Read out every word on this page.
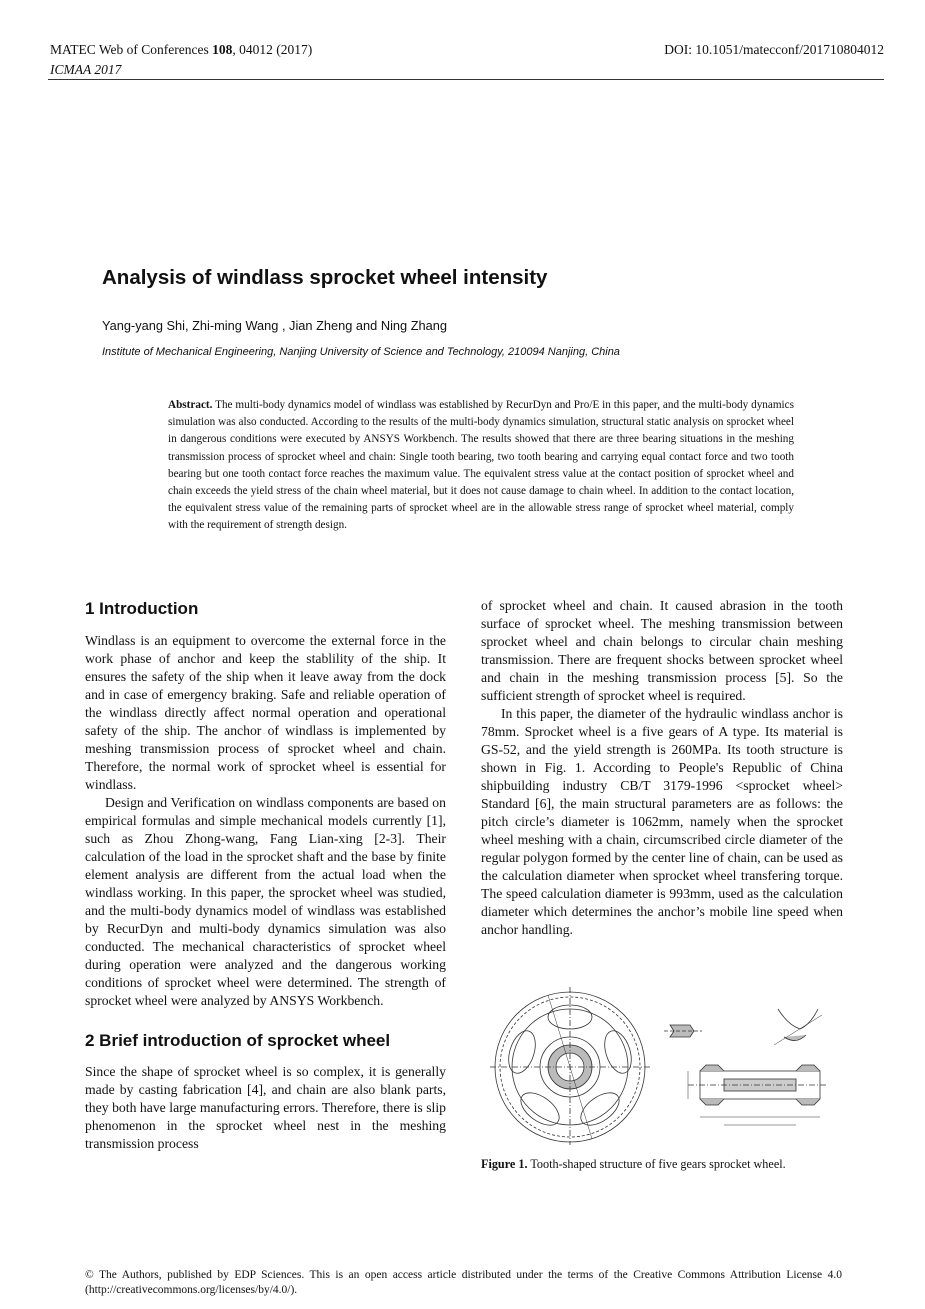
MATEC Web of Conferences 108, 04012 (2017)
ICMAA 2017
DOI: 10.1051/matecconf/201710804012
Analysis of windlass sprocket wheel intensity
Yang-yang Shi, Zhi-ming Wang , Jian Zheng and Ning Zhang
Institute of Mechanical Engineering, Nanjing University of Science and Technology, 210094 Nanjing, China
Abstract. The multi-body dynamics model of windlass was established by RecurDyn and Pro/E in this paper, and the multi-body dynamics simulation was also conducted. According to the results of the multi-body dynamics simulation, structural static analysis on sprocket wheel in dangerous conditions were executed by ANSYS Workbench. The results showed that there are three bearing situations in the meshing transmission process of sprocket wheel and chain: Single tooth bearing, two tooth bearing and carrying equal contact force and two tooth bearing but one tooth contact force reaches the maximum value. The equivalent stress value at the contact position of sprocket wheel and chain exceeds the yield stress of the chain wheel material, but it does not cause damage to chain wheel. In addition to the contact location, the equivalent stress value of the remaining parts of sprocket wheel are in the allowable stress range of sprocket wheel material, comply with the requirement of strength design.
1 Introduction

Windlass is an equipment to overcome the external force in the work phase of anchor and keep the stablility of the ship. It ensures the safety of the ship when it leave away from the dock and in case of emergency braking. Safe and reliable operation of the windlass directly affect normal operation and operational safety of the ship. The anchor of windlass is implemented by meshing transmission process of sprocket wheel and chain. Therefore, the normal work of sprocket wheel is essential for windlass.

Design and Verification on windlass components are based on empirical formulas and simple mechanical models currently [1], such as Zhou Zhong-wang, Fang Lian-xing [2-3]. Their calculation of the load in the sprocket shaft and the base by finite element analysis are different from the actual load when the windlass working. In this paper, the sprocket wheel was studied, and the multi-body dynamics model of windlass was established by RecurDyn and multi-body dynamics simulation was also conducted. The mechanical characteristics of sprocket wheel during operation were analyzed and the dangerous working conditions of sprocket wheel were determined. The strength of sprocket wheel were analyzed by ANSYS Workbench.

2 Brief introduction of sprocket wheel

Since the shape of sprocket wheel is so complex, it is generally made by casting fabrication [4], and chain are also blank parts, they both have large manufacturing errors. Therefore, there is slip phenomenon in the sprocket wheel nest in the meshing transmission process

of sprocket wheel and chain. It caused abrasion in the tooth surface of sprocket wheel. The meshing transmission between sprocket wheel and chain belongs to circular chain meshing transmission. There are frequent shocks between sprocket wheel and chain in the meshing transmission process [5]. So the sufficient strength of sprocket wheel is required.

In this paper, the diameter of the hydraulic windlass anchor is 78mm. Sprocket wheel is a five gears of A type. Its material is GS-52, and the yield strength is 260MPa. Its tooth structure is shown in Fig. 1. According to People's Republic of China shipbuilding industry CB/T 3179-1996 <sprocket wheel> Standard [6], the main structural parameters are as follows: the pitch circle’s diameter is 1062mm, namely when the sprocket wheel meshing with a chain, circumscribed circle diameter of the regular polygon formed by the center line of chain, can be used as the calculation diameter when sprocket wheel transfering torque. The speed calculation diameter is 993mm, used as the calculation diameter which determines the anchor’s mobile line speed when anchor handling.

Figure 1. Tooth-shaped structure of five gears sprocket wheel.
© The Authors, published by EDP Sciences. This is an open access article distributed under the terms of the Creative Commons Attribution License 4.0 (http://creativecommons.org/licenses/by/4.0/).
